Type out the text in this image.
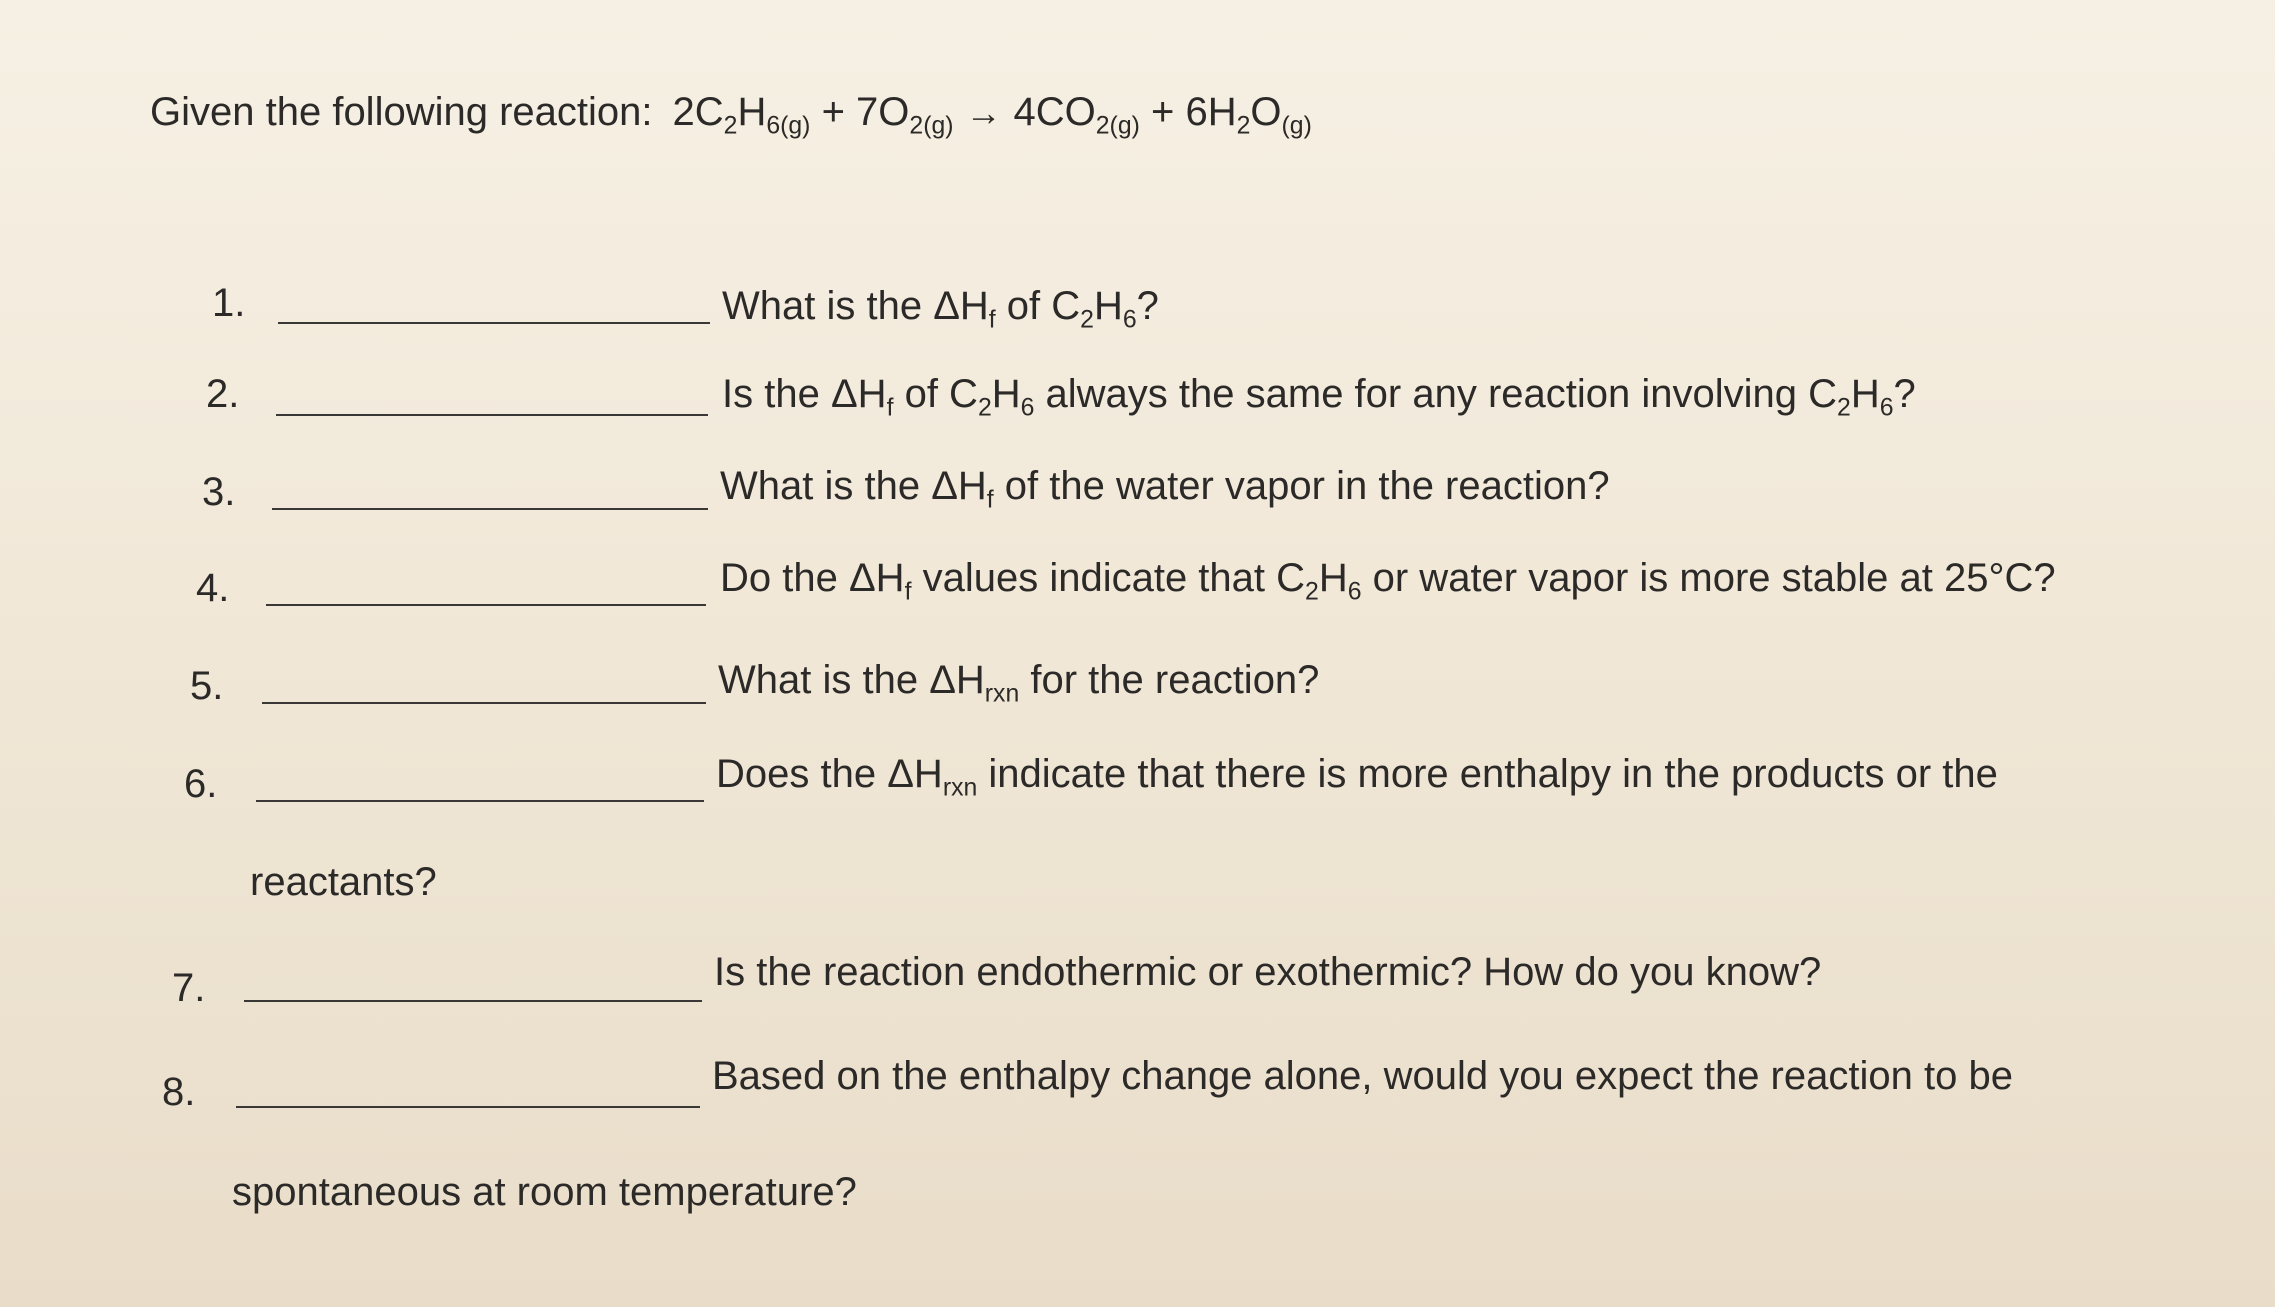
Given the following reaction: $2C_2H_{6(g)} + 7O_{2(g)} \to 4CO_{2(g)} + 6H_2O_{(g)}$
1.	What is the $\Delta H_f$ of $C_2H_6$?
2.	Is the $\Delta H_f$ of $C_2H_6$ always the same for any reaction involving $C_2H_6$?
3.	What is the $\Delta H_f$ of the water vapor in the reaction?
4.	Do the $\Delta H_f$ values indicate that $C_2H_6$ or water vapor is more stable at 25°C?
5.	What is the $\Delta H_{rxn}$ for the reaction?
6.	Does the $\Delta H_{rxn}$ indicate that there is more enthalpy in the products or the
reactants?
7.	Is the reaction endothermic or exothermic? How do you know?
8.	Based on the enthalpy change alone, would you expect the reaction to be
spontaneous at room temperature?
